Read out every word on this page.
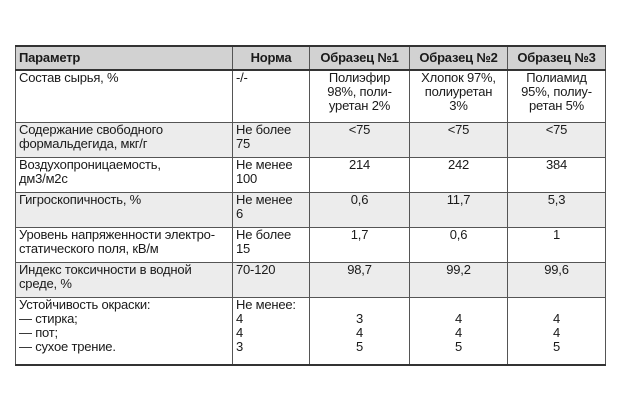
Параметр	Норма	Образец №1	Образец №2	Образец №3

Состав сырья, %	-/-	Полиэфир
98%, поли-
уретан 2%	Хлопок 97%,
полиуретан
3%	Полиамид
95%, полиу-
ретан 5%

Содержание свободного
формальдегида, мкг/г	Не более
75	<75	<75	<75

Воздухопроницаемость,
дм3/м2с	Не менее
100	214	242	384

Гигроскопичность, %	Не менее
6	0,6	11,7	5,3

Уровень напряженности электро-
статического поля, кВ/м	Не более
15	1,7	0,6	1

Индекс токсичности в водной
среде, %	70-120	98,7	99,2	99,6

Устойчивость окраски:
— стирка;
— пот;
— сухое трение.	Не менее:
4
4
3	3
4
5	4
4
5	4
4
5
